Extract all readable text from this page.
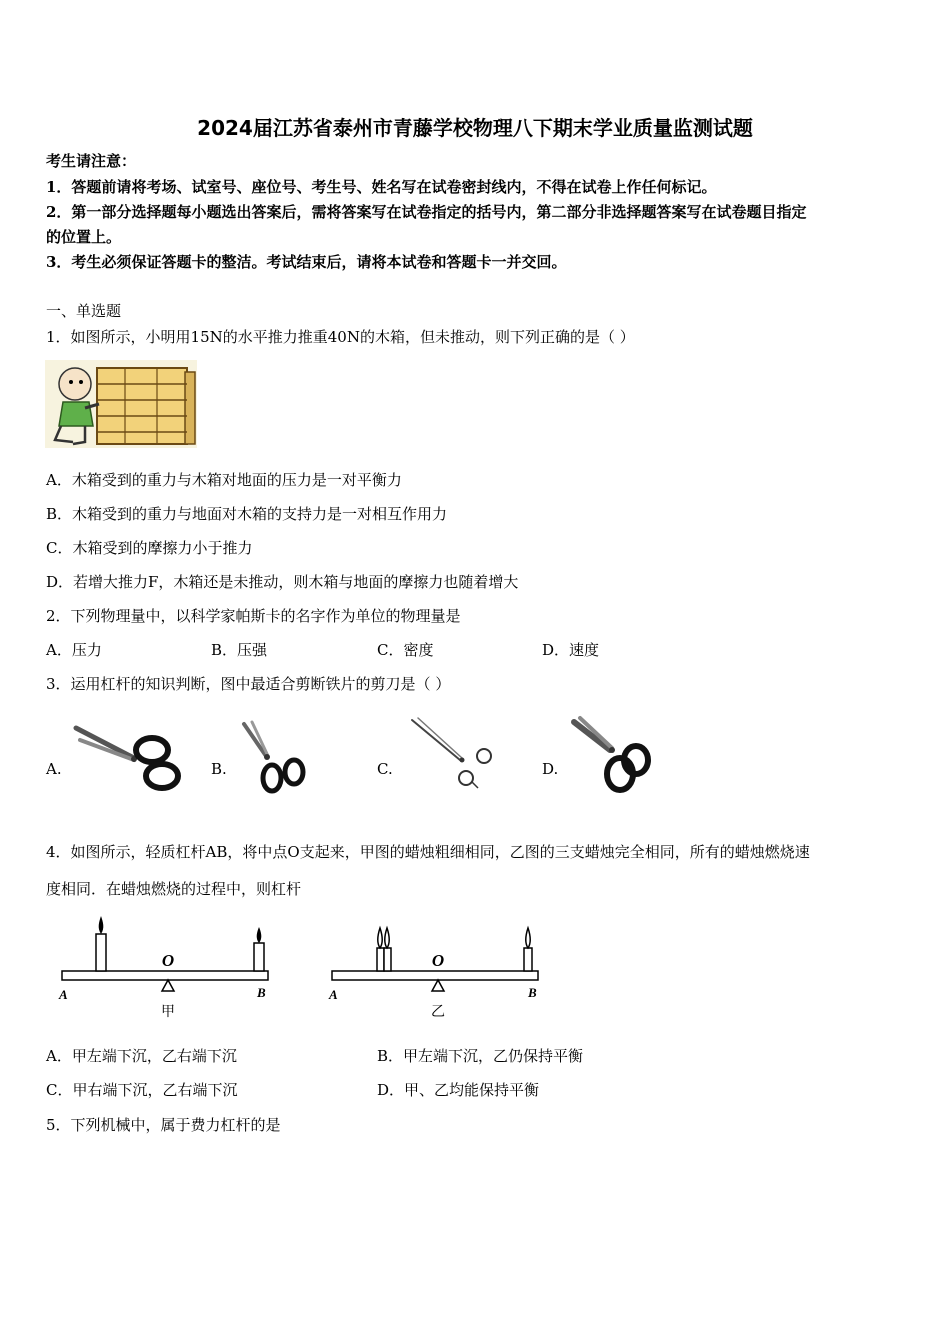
2024届江苏省泰州市青藤学校物理八下期末学业质量监测试题
考生请注意：
1．答题前请将考场、试室号、座位号、考生号、姓名写在试卷密封线内，不得在试卷上作任何标记。
2．第一部分选择题每小题选出答案后，需将答案写在试卷指定的括号内，第二部分非选择题答案写在试卷题目指定
的位置上。
3．考生必须保证答题卡的整洁。考试结束后，请将本试卷和答题卡一并交回。
一、单选题
1．如图所示，小明用15N的水平推力推重40N的木箱，但未推动，则下列正确的是（ ）
A．木箱受到的重力与木箱对地面的压力是一对平衡力
B．木箱受到的重力与地面对木箱的支持力是一对相互作用力
C．木箱受到的摩擦力小于推力
D．若增大推力F，木箱还是未推动，则木箱与地面的摩擦力也随着增大
2．下列物理量中，以科学家帕斯卡的名字作为单位的物理量是
A．压力	B．压强	C．密度	D．速度
3．运用杠杆的知识判断，图中最适合剪断铁片的剪刀是（ ）
A.	B.	C.	D.
4．如图所示，轻质杠杆AB，将中点O支起来，甲图的蜡烛粗细相同，乙图的三支蜡烛完全相同，所有的蜡烛燃烧速
度相同．在蜡烛燃烧的过程中，则杠杆
O
A	B
甲
O
A	B
乙
A．甲左端下沉，乙右端下沉	B．甲左端下沉，乙仍保持平衡
C．甲右端下沉，乙右端下沉	D．甲、乙均能保持平衡
5．下列机械中，属于费力杠杆的是
